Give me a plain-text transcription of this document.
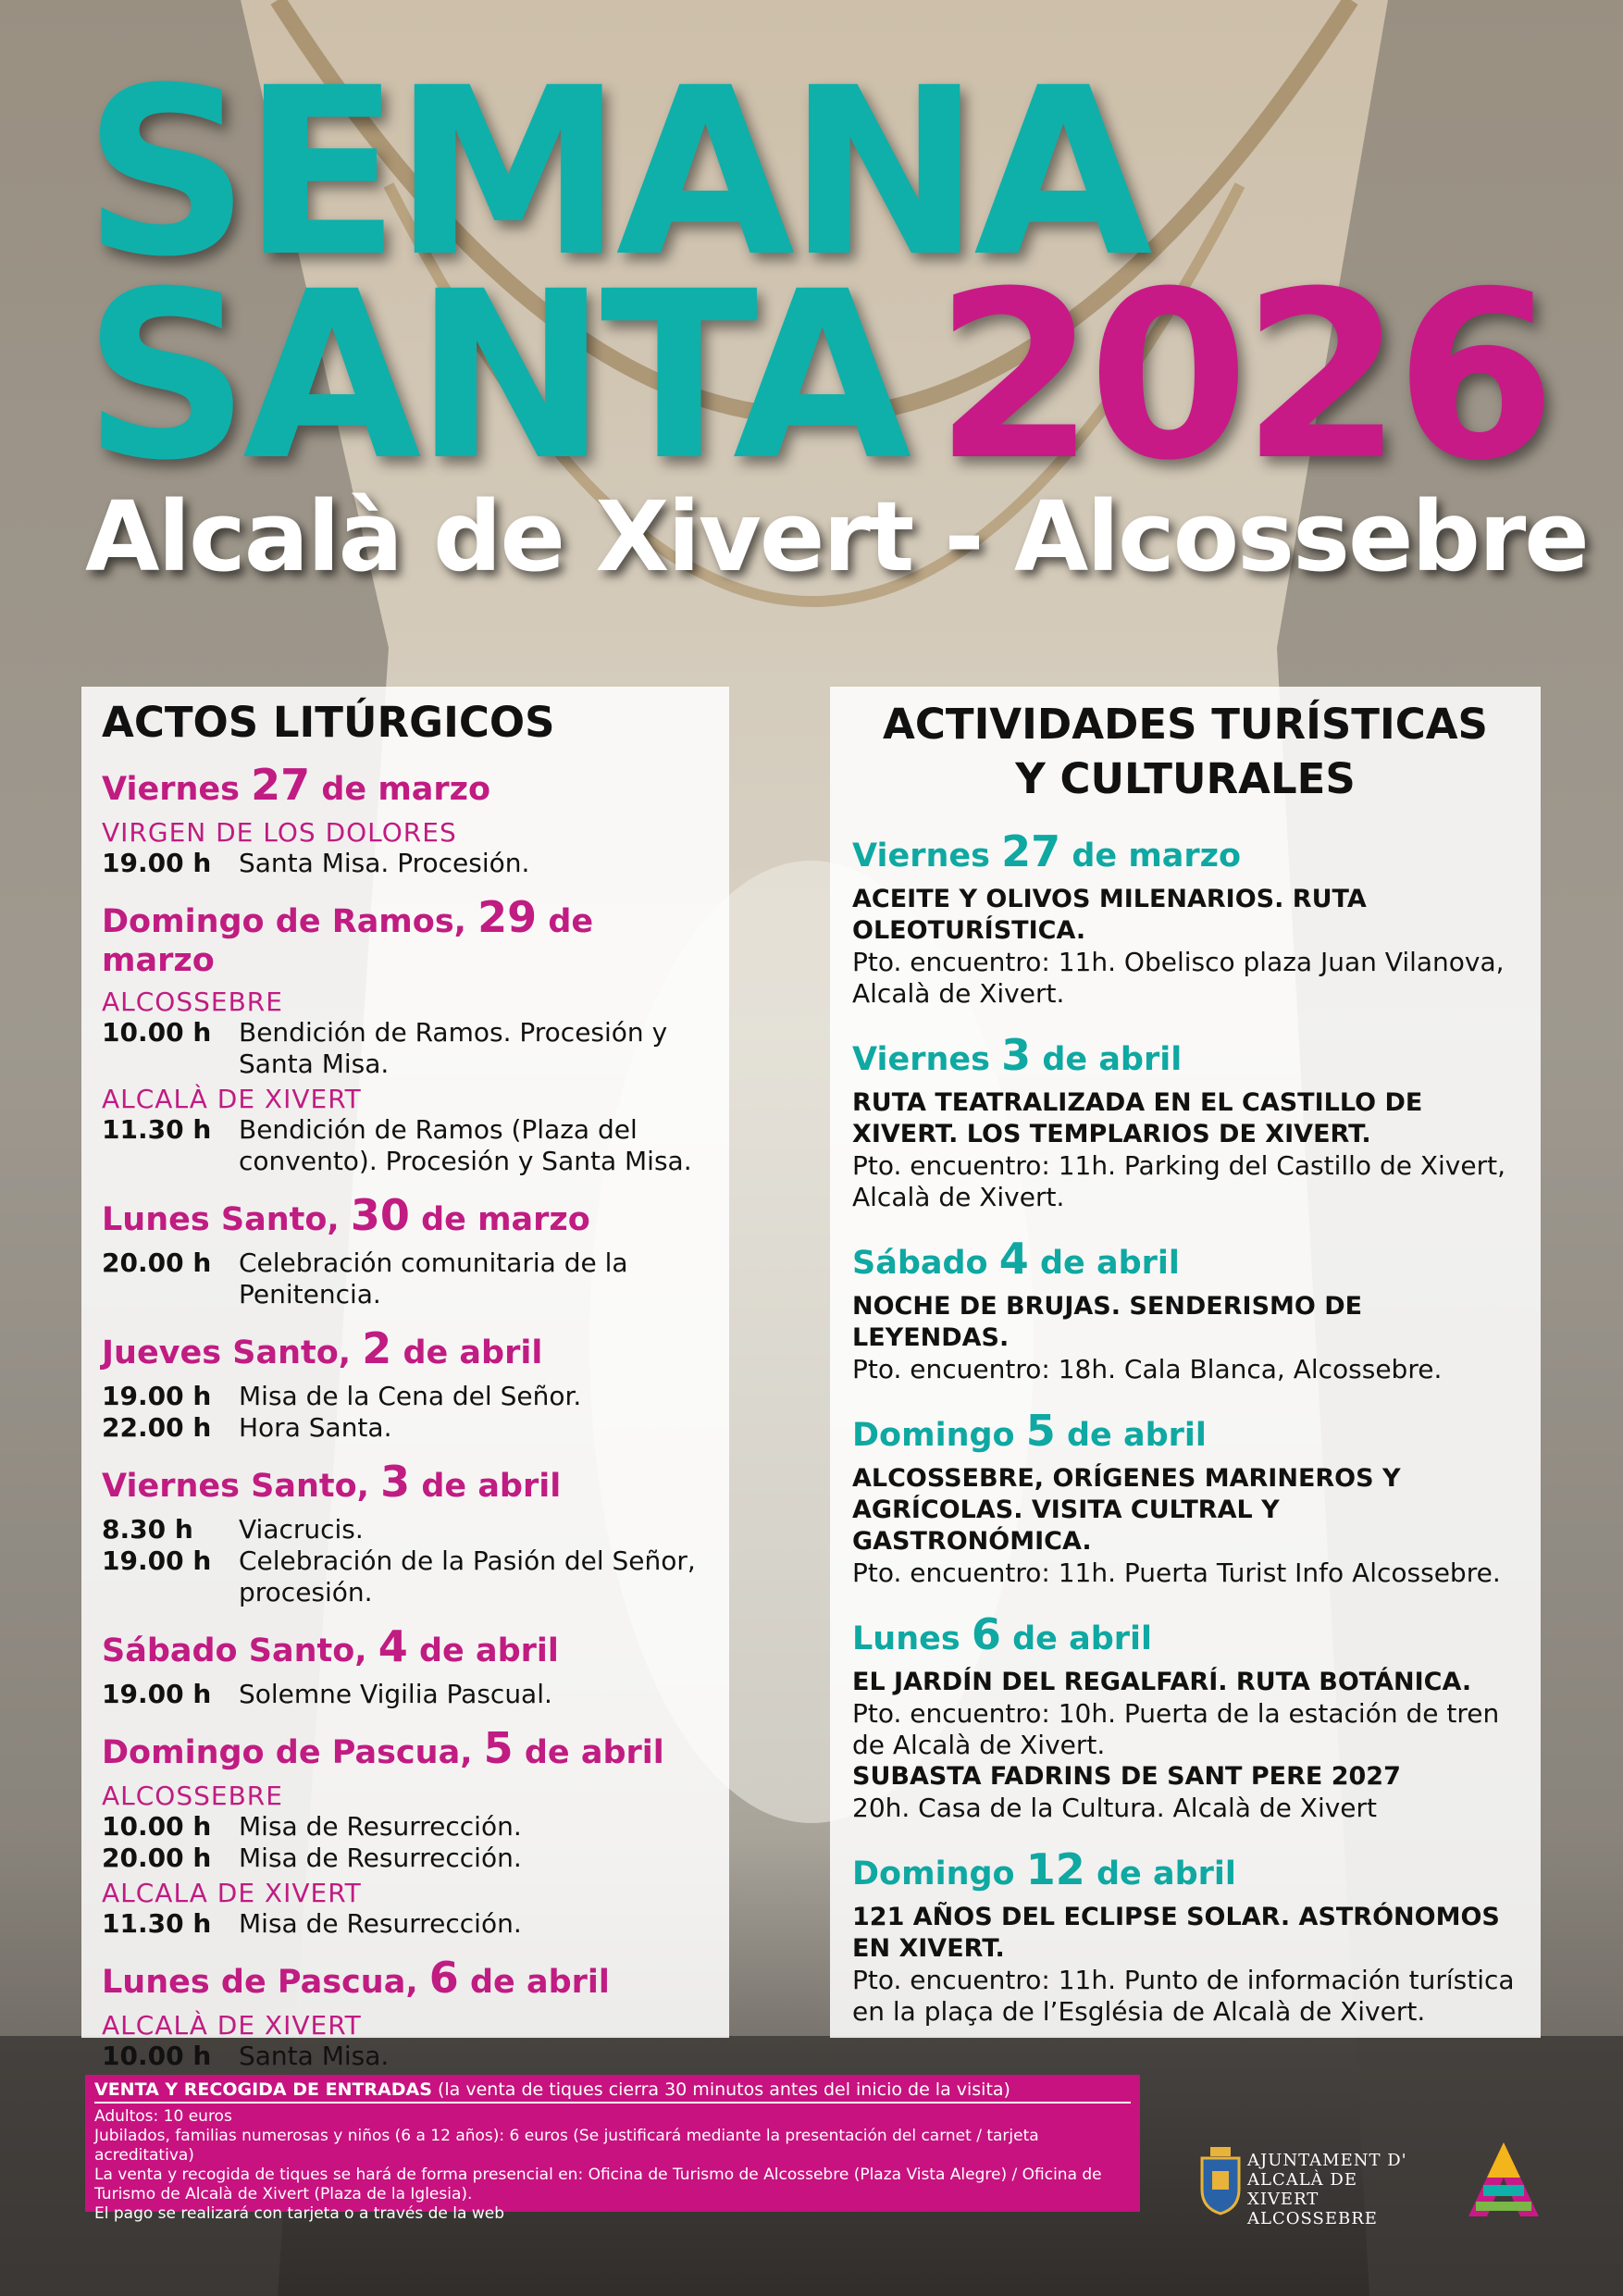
SEMANA
SANTA 2026
Alcalà de Xivert - Alcossebre
ACTOS LITÚRGICOS
Viernes 27 de marzo
VIRGEN DE LOS DOLORES
19.00 h	Santa Misa. Procesión.
Domingo de Ramos, 29 de marzo
ALCOSSEBRE
10.00 h	Bendición de Ramos. Procesión y Santa Misa.
ALCALÀ DE XIVERT
11.30 h	Bendición de Ramos (Plaza del convento). Procesión y Santa Misa.
Lunes Santo, 30 de marzo
20.00 h	Celebración comunitaria de la Penitencia.
Jueves Santo, 2 de abril
19.00 h	Misa de la Cena del Señor.
22.00 h	Hora Santa.
Viernes Santo, 3 de abril
8.30 h	Viacrucis.
19.00 h	Celebración de la Pasión del Señor, procesión.
Sábado Santo, 4 de abril
19.00 h	Solemne Vigilia Pascual.
Domingo de Pascua, 5 de abril
ALCOSSEBRE
10.00 h	Misa de Resurrección.
20.00 h	Misa de Resurrección.
ALCALA DE XIVERT
11.30 h	Misa de Resurrección.
Lunes de Pascua, 6 de abril
ALCALÀ DE XIVERT
10.00 h	Santa Misa.
ACTIVIDADES TURÍSTICAS
Y CULTURALES
Viernes 27 de marzo
ACEITE Y OLIVOS MILENARIOS. RUTA OLEOTURÍSTICA.
Pto. encuentro: 11h. Obelisco plaza Juan Vilanova, Alcalà de Xivert.
Viernes 3 de abril
RUTA TEATRALIZADA EN EL CASTILLO DE XIVERT. LOS TEMPLARIOS DE XIVERT.
Pto. encuentro: 11h. Parking del Castillo de Xivert, Alcalà de Xivert.
Sábado 4 de abril
NOCHE DE BRUJAS. SENDERISMO DE LEYENDAS.
Pto. encuentro: 18h. Cala Blanca, Alcossebre.
Domingo 5 de abril
ALCOSSEBRE, ORÍGENES MARINEROS Y AGRÍCOLAS. VISITA CULTRAL Y GASTRONÓMICA.
Pto. encuentro: 11h. Puerta Turist Info Alcossebre.
Lunes 6 de abril
EL JARDÍN DEL REGALFARÍ. RUTA BOTÁNICA.
Pto. encuentro: 10h. Puerta de la estación de tren de Alcalà de Xivert.
SUBASTA FADRINS DE SANT PERE 2027
20h. Casa de la Cultura. Alcalà de Xivert
Domingo 12 de abril
121 AÑOS DEL ECLIPSE SOLAR. ASTRÓNOMOS EN XIVERT.
Pto. encuentro: 11h. Punto de información turística en la plaça de l’Església de Alcalà de Xivert.
VENTA Y RECOGIDA DE ENTRADAS (la venta de tiques cierra 30 minutos antes del inicio de la visita)
Adultos: 10 euros
Jubilados, familias numerosas y niños (6 a 12 años): 6 euros (Se justificará mediante la presentación del carnet / tarjeta acreditativa)
La venta y recogida de tiques se hará de forma presencial en: Oficina de Turismo de Alcossebre (Plaza Vista Alegre) / Oficina de Turismo de Alcalà de Xivert (Plaza de la Iglesia).
El pago se realizará con tarjeta o a través de la web
AJUNTAMENT D'
ALCALÀ DE XIVERT
ALCOSSEBRE
